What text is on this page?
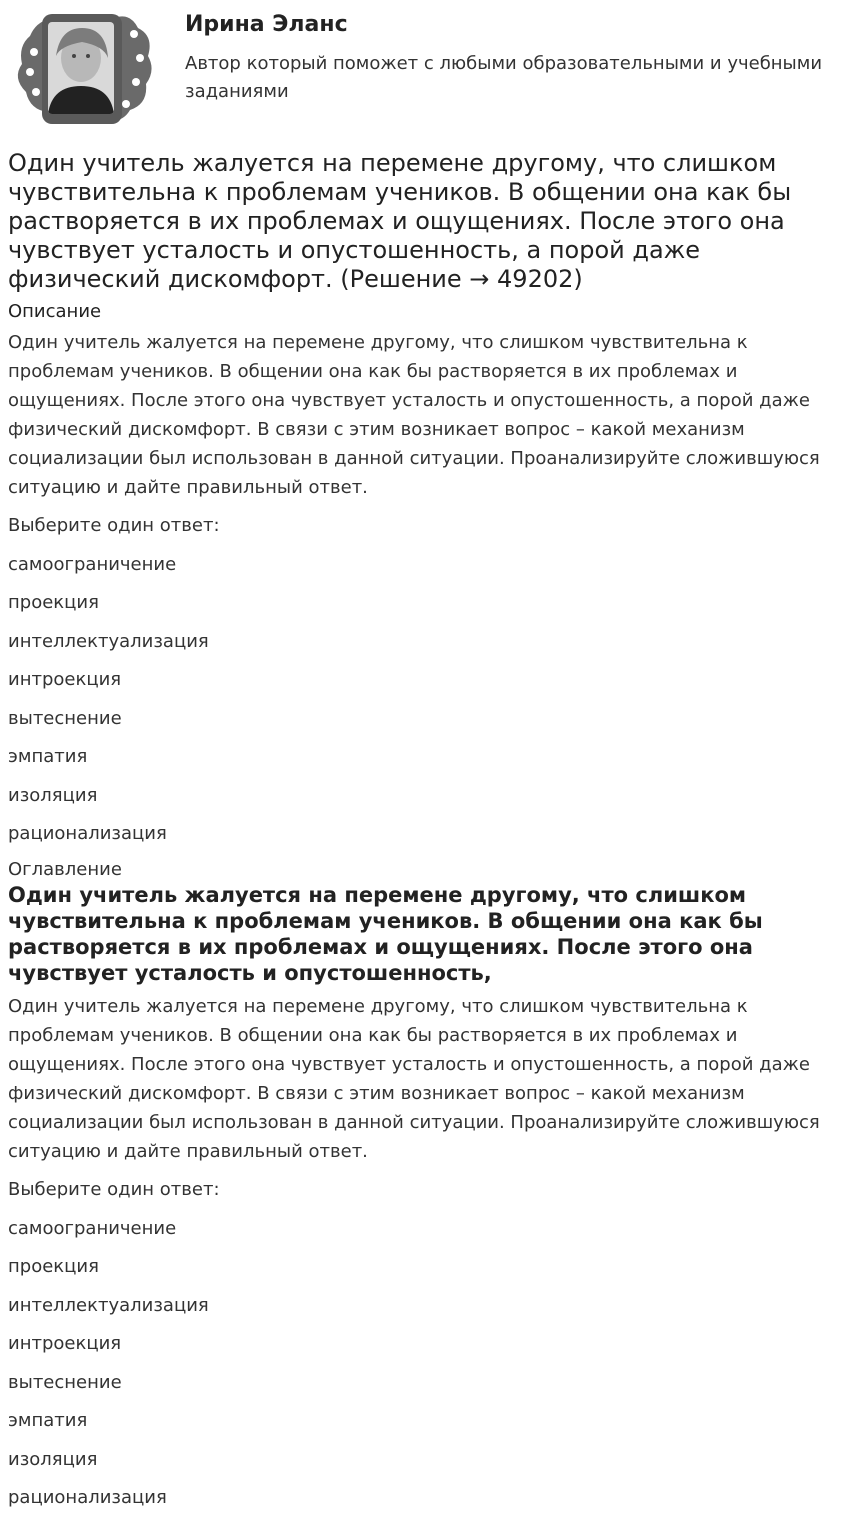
Ирина Эланс
Автор который поможет с любыми образовательными и учебными заданиями
Один учитель жалуется на перемене другому, что слишком чувствительна к проблемам учеников. В общении она как бы растворяется в их проблемах и ощущениях. После этого она чувствует усталость и опустошенность, а порой даже физический дискомфорт. (Решение → 49202)
Описание

Один учитель жалуется на перемене другому, что слишком чувствительна к проблемам учеников. В общении она как бы растворяется в их проблемах и ощущениях. После этого она чувствует усталость и опустошенность, а порой даже физический дискомфорт. В связи с этим возникает вопрос – какой механизм социализации был использован в данной ситуации. Проанализируйте сложившуюся ситуацию и дайте правильный ответ.

Выберите один ответ:
самоограничение
проекция
интеллектуализация
интроекция
вытеснение
эмпатия
изоляция
рационализация
Оглавление
Один учитель жалуется на перемене другому, что слишком чувствительна к проблемам учеников. В общении она как бы растворяется в их проблемах и ощущениях. После этого она чувствует усталость и опустошенность,

Один учитель жалуется на перемене другому, что слишком чувствительна к проблемам учеников. В общении она как бы растворяется в их проблемах и ощущениях. После этого она чувствует усталость и опустошенность, а порой даже физический дискомфорт. В связи с этим возникает вопрос – какой механизм социализации был использован в данной ситуации. Проанализируйте сложившуюся ситуацию и дайте правильный ответ.

Выберите один ответ:
самоограничение
проекция
интеллектуализация
интроекция
вытеснение
эмпатия
изоляция
рационализация
